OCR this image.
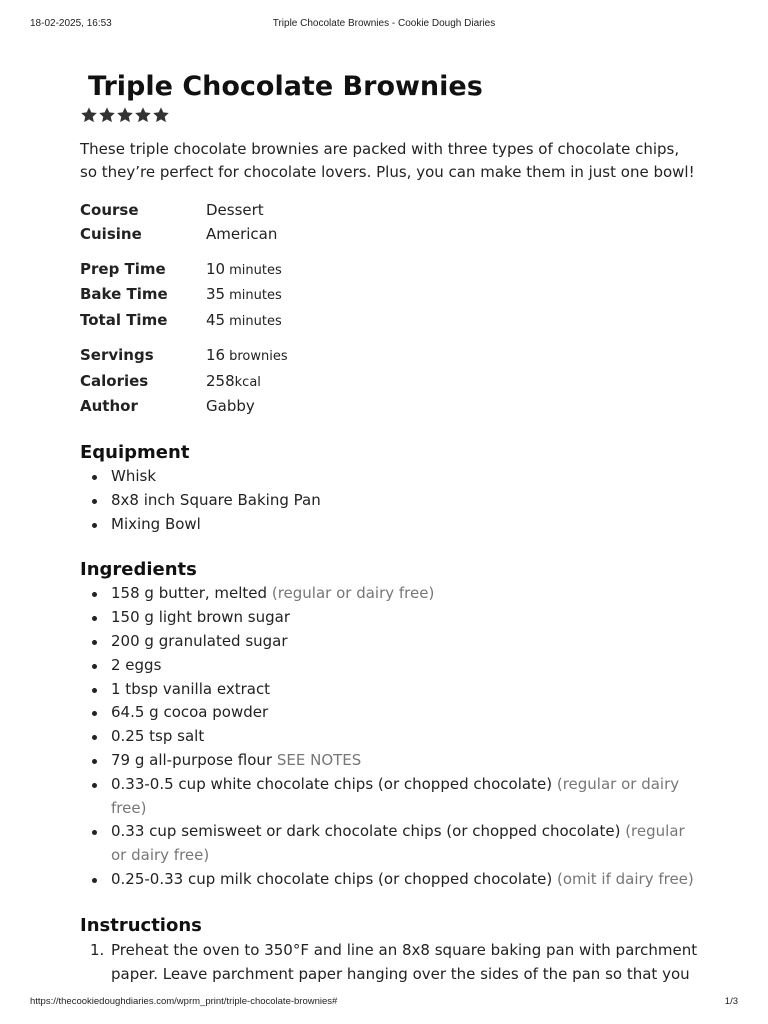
18-02-2025, 16:53	Triple Chocolate Brownies - Cookie Dough Diaries
Triple Chocolate Brownies

These triple chocolate brownies are packed with three types of chocolate chips, so they’re perfect for chocolate lovers. Plus, you can make them in just one bowl!

Course	Dessert
Cuisine	American
Prep Time	10 minutes
Bake Time	35 minutes
Total Time	45 minutes
Servings	16 brownies
Calories	258kcal
Author	Gabby
Equipment
Whisk
8x8 inch Square Baking Pan
Mixing Bowl
Ingredients
158 g butter, melted (regular or dairy free)
150 g light brown sugar
200 g granulated sugar
2 eggs
1 tbsp vanilla extract
64.5 g cocoa powder
0.25 tsp salt
79 g all-purpose flour SEE NOTES
0.33-0.5 cup white chocolate chips (or chopped chocolate) (regular or dairy free)
0.33 cup semisweet or dark chocolate chips (or chopped chocolate) (regular or dairy free)
0.25-0.33 cup milk chocolate chips (or chopped chocolate) (omit if dairy free)
Instructions
1. Preheat the oven to 350°F and line an 8x8 square baking pan with parchment paper. Leave parchment paper hanging over the sides of the pan so that you
https://thecookiedoughdiaries.com/wprm_print/triple-chocolate-brownies#	1/3
